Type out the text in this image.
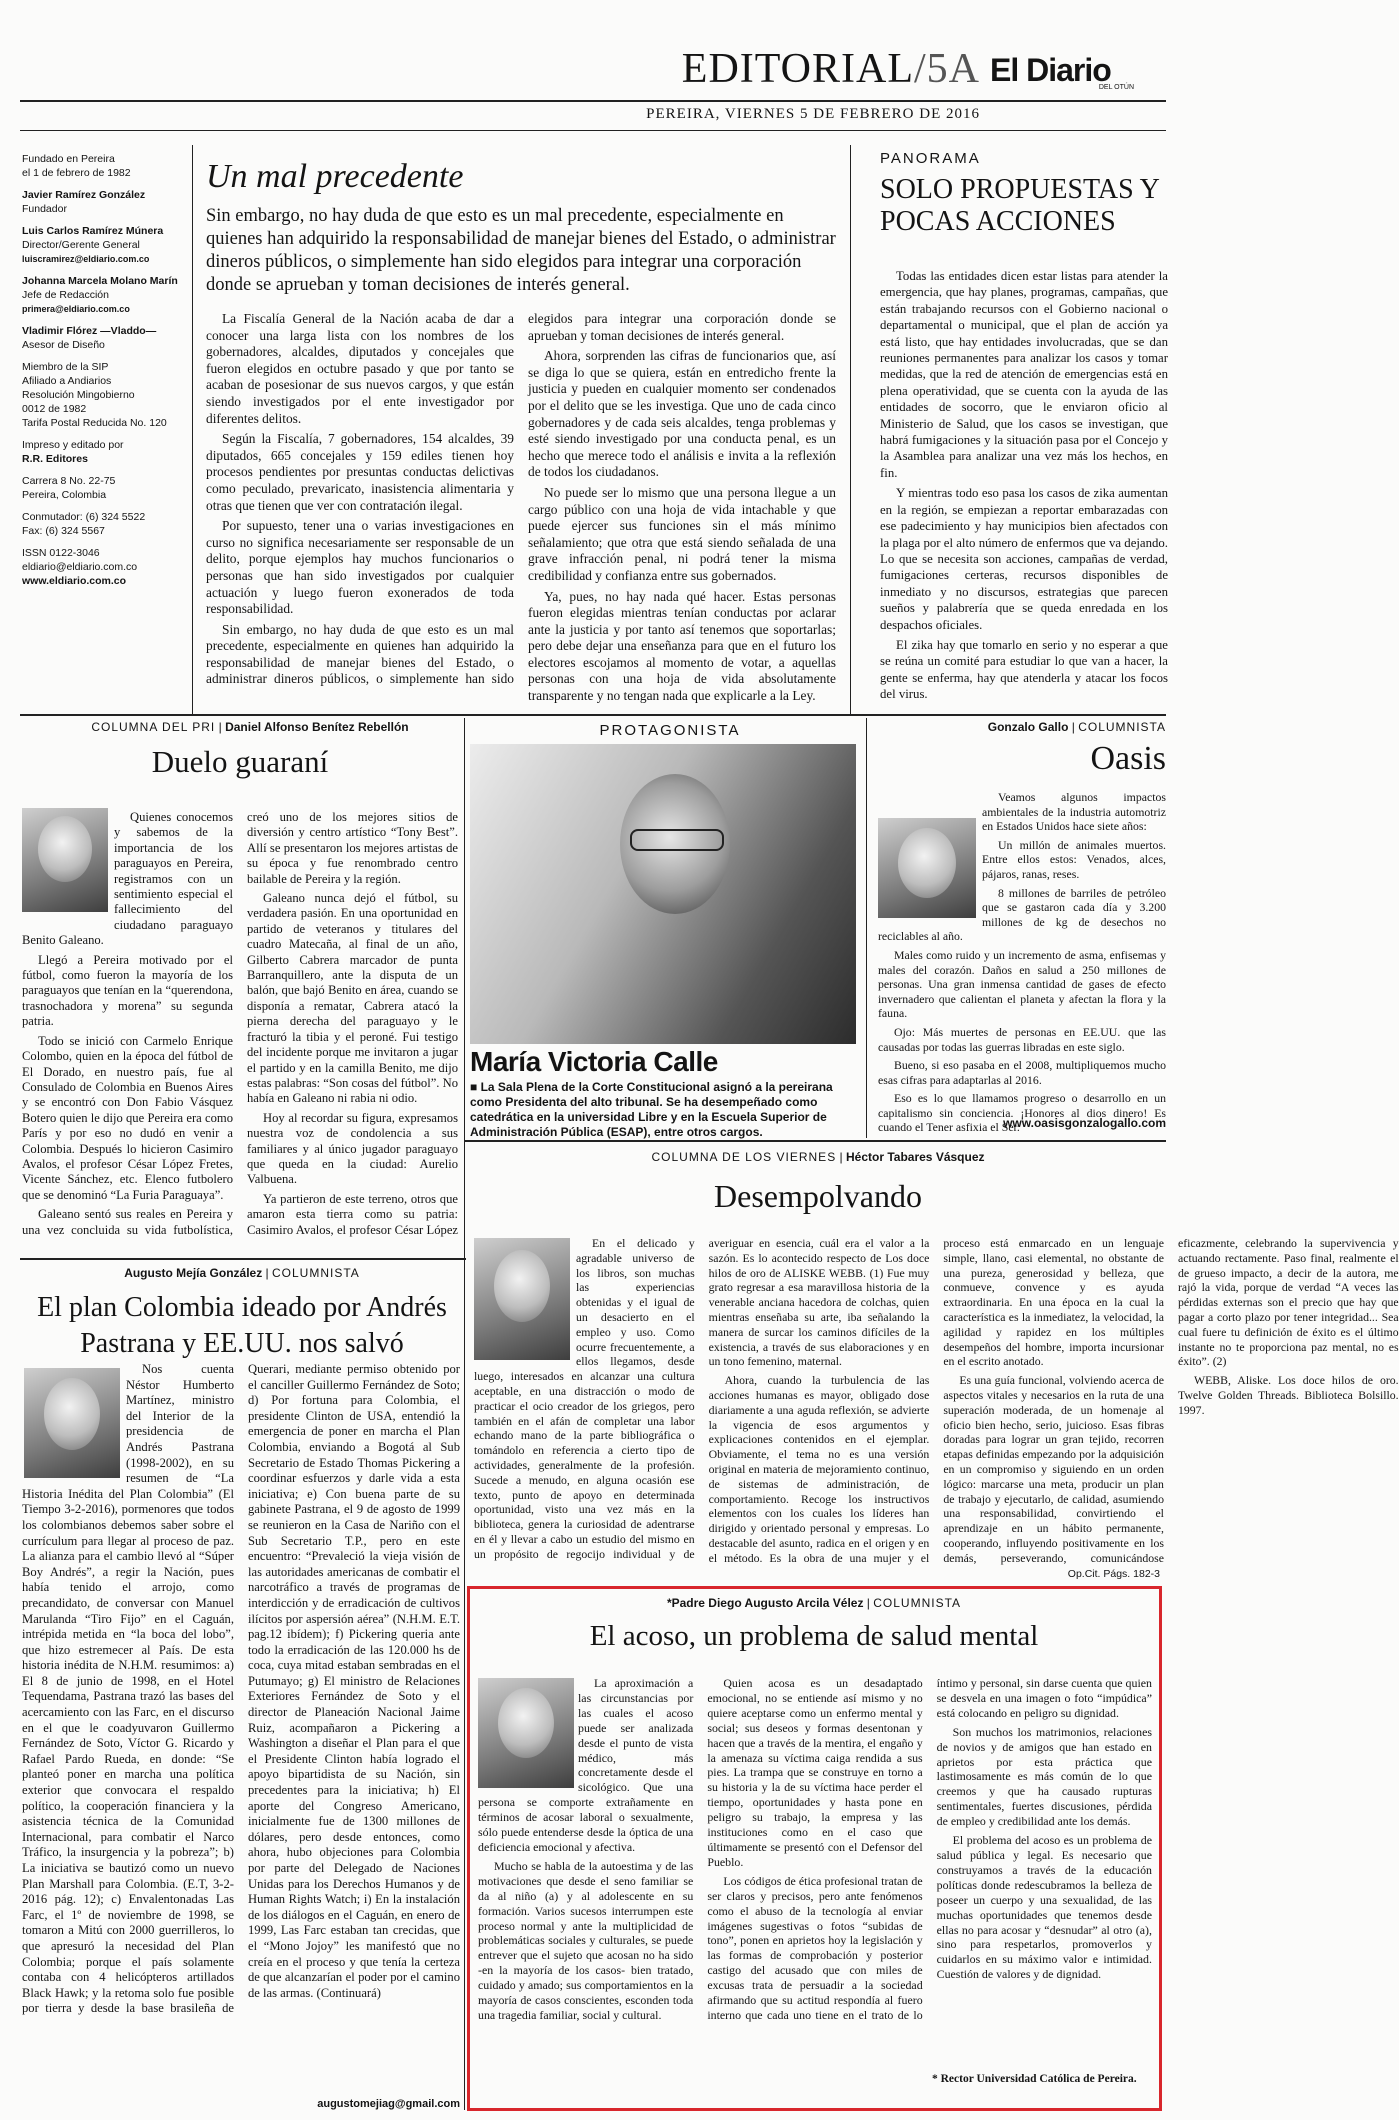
EDITORIAL/5A El Diario
DEL OTÚN
PEREIRA, VIERNES 5 DE FEBRERO DE 2016
Fundado en Pereira
el 1 de febrero de 1982
Javier Ramírez González
Fundador
Luis Carlos Ramírez Múnera
Director/Gerente General
luiscramirez@eldiario.com.co
Johanna Marcela Molano Marín
Jefe de Redacción
primera@eldiario.com.co
Vladimir Flórez —Vladdo—
Asesor de Diseño
Miembro de la SIP
Afiliado a Andiarios
Resolución Mingobierno
0012 de 1982
Tarifa Postal Reducida No. 120
Impreso y editado por
R.R. Editores
Carrera 8 No. 22-75
Pereira, Colombia
Conmutador: (6) 324 5522
Fax: (6) 324 5567
ISSN 0122-3046
eldiario@eldiario.com.co
www.eldiario.com.co
Un mal precedente
Sin embargo, no hay duda de que esto es un mal precedente, especialmente en quienes han adquirido la responsabilidad de manejar bienes del Estado, o administrar dineros públicos, o simplemente han sido elegidos para integrar una corporación donde se aprueban y toman decisiones de interés general.

La Fiscalía General de la Nación acaba de dar a conocer una larga lista con los nombres de los gobernadores, alcaldes, diputados y concejales que fueron elegidos en octubre pasado y que por tanto se acaban de posesionar de sus nuevos cargos, y que están siendo investigados por el ente investigador por diferentes delitos.

Según la Fiscalía, 7 gobernadores, 154 alcaldes, 39 diputados, 665 concejales y 159 ediles tienen hoy procesos pendientes por presuntas conductas delictivas como peculado, prevaricato, inasistencia alimentaria y otras que tienen que ver con contratación ilegal.

Por supuesto, tener una o varias investigaciones en curso no significa necesariamente ser responsable de un delito, porque ejemplos hay muchos funcionarios o personas que han sido investigados por cualquier actuación y luego fueron exonerados de toda responsabilidad.

Sin embargo, no hay duda de que esto es un mal precedente, especialmente en quienes han adquirido la responsabilidad de manejar bienes del Estado, o administrar dineros públicos, o simplemente han sido elegidos para integrar una corporación donde se aprueban y toman decisiones de interés general.

Ahora, sorprenden las cifras de funcionarios que, así se diga lo que se quiera, están en entredicho frente la justicia y pueden en cualquier momento ser condenados por el delito que se les investiga. Que uno de cada cinco gobernadores y de cada seis alcaldes, tenga problemas y esté siendo investigado por una conducta penal, es un hecho que merece todo el análisis e invita a la reflexión de todos los ciudadanos.

No puede ser lo mismo que una persona llegue a un cargo público con una hoja de vida intachable y que puede ejercer sus funciones sin el más mínimo señalamiento; que otra que está siendo señalada de una grave infracción penal, ni podrá tener la misma credibilidad y confianza entre sus gobernados.

Ya, pues, no hay nada qué hacer. Estas personas fueron elegidas mientras tenían conductas por aclarar ante la justicia y por tanto así tenemos que soportarlas; pero debe dejar una enseñanza para que en el futuro los electores escojamos al momento de votar, a aquellas personas con una hoja de vida absolutamente transparente y no tengan nada que explicarle a la Ley.

PANORAMA
SOLO PROPUESTAS Y POCAS ACCIONES

Todas las entidades dicen estar listas para atender la emergencia, que hay planes, programas, campañas, que están trabajando recursos con el Gobierno nacional o departamental o municipal, que el plan de acción ya está listo, que hay entidades involucradas, que se dan reuniones permanentes para analizar los casos y tomar medidas, que la red de atención de emergencias está en plena operatividad, que se cuenta con la ayuda de las entidades de socorro, que le enviaron oficio al Ministerio de Salud, que los casos se investigan, que habrá fumigaciones y la situación pasa por el Concejo y la Asamblea para analizar una vez más los hechos, en fin.

Y mientras todo eso pasa los casos de zika aumentan en la región, se empiezan a reportar embarazadas con ese padecimiento y hay municipios bien afectados con la plaga por el alto número de enfermos que va dejando. Lo que se necesita son acciones, campañas de verdad, fumigaciones certeras, recursos disponibles de inmediato y no discursos, estrategias que parecen sueños y palabrería que se queda enredada en los despachos oficiales.

El zika hay que tomarlo en serio y no esperar a que se reúna un comité para estudiar lo que van a hacer, la gente se enferma, hay que atenderla y atacar los focos del virus.

COLUMNA DEL PRI | Daniel Alfonso Benítez Rebellón
Duelo guaraní

Quienes conocemos y sabemos de la importancia de los paraguayos en Pereira, registramos con un sentimiento especial el fallecimiento del ciudadano paraguayo Benito Galeano.

Llegó a Pereira motivado por el fútbol, como fueron la mayoría de los paraguayos que tenían en la “querendona, trasnochadora y morena” su segunda patria.

Todo se inició con Carmelo Enrique Colombo, quien en la época del fútbol de El Dorado, en nuestro país, fue al Consulado de Colombia en Buenos Aires y se encontró con Don Fabio Vásquez Botero quien le dijo que Pereira era como París y por eso no dudó en venir a Colombia. Después lo hicieron Casimiro Avalos, el profesor César López Fretes, Vicente Sánchez, etc. Elenco futbolero que se denominó “La Furia Paraguaya”.

Galeano sentó sus reales en Pereira y una vez concluida su vida futbolística, creó uno de los mejores sitios de diversión y centro artístico “Tony Best”. Allí se presentaron los mejores artistas de su época y fue renombrado centro bailable de Pereira y la región.

Galeano nunca dejó el fútbol, su verdadera pasión. En una oportunidad en partido de veteranos y titulares del cuadro Matecaña, al final de un año, Gilberto Cabrera marcador de punta Barranquillero, ante la disputa de un balón, que bajó Benito en área, cuando se disponía a rematar, Cabrera atacó la pierna derecha del paraguayo y le fracturó la tibia y el peroné. Fui testigo del incidente porque me invitaron a jugar el partido y en la camilla Benito, me dijo estas palabras: “Son cosas del fútbol”. No había en Galeano ni rabia ni odio.

Hoy al recordar su figura, expresamos nuestra voz de condolencia a sus familiares y al único jugador paraguayo que queda en la ciudad: Aurelio Valbuena.

Ya partieron de este terreno, otros que amaron esta tierra como su patria: Casimiro Avalos, el profesor César López

PROTAGONISTA
María Victoria Calle
■ La Sala Plena de la Corte Constitucional asignó a la pereirana como Presidenta del alto tribunal. Se ha desempeñado como catedrática en la universidad Libre y en la Escuela Superior de Administración Pública (ESAP), entre otros cargos.
Gonzalo Gallo | COLUMNISTA
Oasis

Veamos algunos impactos ambientales de la industria automotriz en Estados Unidos hace siete años:

Un millón de animales muertos. Entre ellos estos: Venados, alces, pájaros, ranas, reses.

8 millones de barriles de petróleo que se gastaron cada día y 3.200 millones de kg de desechos no reciclables al año.

Males como ruido y un incremento de asma, enfisemas y males del corazón. Daños en salud a 250 millones de personas. Una gran inmensa cantidad de gases de efecto invernadero que calientan el planeta y afectan la flora y la fauna.

Ojo: Más muertes de personas en EE.UU. que las causadas por todas las guerras libradas en este siglo.

Bueno, si eso pasaba en el 2008, multipliquemos mucho esas cifras para adaptarlas al 2016.

Eso es lo que llamamos progreso o desarrollo en un capitalismo sin conciencia. ¡Honores al dios dinero! Es cuando el Tener asfixia el Ser.

www.oasisgonzalogallo.com
Augusto Mejía González | COLUMNISTA
El plan Colombia ideado por Andrés Pastrana y EE.UU. nos salvó

Nos cuenta Néstor Humberto Martínez, ministro del Interior de la presidencia de Andrés Pastrana (1998-2002), en su resumen de “La Historia Inédita del Plan Colombia” (El Tiempo 3-2-2016), pormenores que todos los colombianos debemos saber sobre el currículum para llegar al proceso de paz. La alianza para el cambio llevó al “Súper Boy Andrés”, a regir la Nación, pues había tenido el arrojo, como precandidato, de conversar con Manuel Marulanda “Tiro Fijo” en el Caguán, intrépida metida en “la boca del lobo”, que hizo estremecer al País. De esta historia inédita de N.H.M. resumimos: a) El 8 de junio de 1998, en el Hotel Tequendama, Pastrana trazó las bases del acercamiento con las Farc, en el discurso en el que le coadyuvaron Guillermo Fernández de Soto, Víctor G. Ricardo y Rafael Pardo Rueda, en donde: “Se planteó poner en marcha una política exterior que convocara el respaldo político, la cooperación financiera y la asistencia técnica de la Comunidad Internacional, para combatir el Narco Tráfico, la insurgencia y la pobreza”; b) La iniciativa se bautizó como un nuevo Plan Marshall para Colombia. (E.T, 3-2-2016 pág. 12); c) Envalentonadas Las Farc, el 1º de noviembre de 1998, se tomaron a Mitú con 2000 guerrilleros, lo que apresuró la necesidad del Plan Colombia; porque el país solamente contaba con 4 helicópteros artillados Black Hawk; y la retoma solo fue posible por tierra y desde la base brasileña de Querari, mediante permiso obtenido por el canciller Guillermo Fernández de Soto; d) Por fortuna para Colombia, el presidente Clinton de USA, entendió la emergencia de poner en marcha el Plan Colombia, enviando a Bogotá al Sub Secretario de Estado Thomas Pickering a coordinar esfuerzos y darle vida a esta iniciativa; e) Con buena parte de su gabinete Pastrana, el 9 de agosto de 1999 se reunieron en la Casa de Nariño con el Sub Secretario T.P., pero en este encuentro: “Prevaleció la vieja visión de las autoridades americanas de combatir el narcotráfico a través de programas de interdicción y de erradicación de cultivos ilícitos por aspersión aérea” (N.H.M. E.T. pag.12 ibídem); f) Pickering queria ante todo la erradicación de las 120.000 hs de coca, cuya mitad estaban sembradas en el Putumayo; g) El ministro de Relaciones Exteriores Fernández de Soto y el director de Planeación Nacional Jaime Ruiz, acompañaron a Pickering a Washington a diseñar el Plan para el que el Presidente Clinton había logrado el apoyo bipartidista de su Nación, sin precedentes para la iniciativa; h) El aporte del Congreso Americano, inicialmente fue de 1300 millones de dólares, pero desde entonces, como ahora, hubo objeciones para Colombia por parte del Delegado de Naciones Unidas para los Derechos Humanos y de Human Rights Watch; i) En la instalación de los diálogos en el Caguán, en enero de 1999, Las Farc estaban tan crecidas, que el “Mono Jojoy” les manifestó que no creía en el proceso y que tenía la certeza de que alcanzarían el poder por el camino de las armas. (Continuará)

augustomejiag@gmail.com
COLUMNA DE LOS VIERNES | Héctor Tabares Vásquez
Desempolvando

En el delicado y agradable universo de los libros, son muchas las experiencias obtenidas y el igual de un desacierto en el empleo y uso. Como ocurre frecuentemente, a ellos llegamos, desde luego, interesados en alcanzar una cultura aceptable, en una distracción o modo de practicar el ocio creador de los griegos, pero también en el afán de completar una labor echando mano de la parte bibliográfica o tomándolo en referencia a cierto tipo de actividades, generalmente de la profesión. Sucede a menudo, en alguna ocasión ese texto, punto de apoyo en determinada oportunidad, visto una vez más en la biblioteca, genera la curiosidad de adentrarse en él y llevar a cabo un estudio del mismo en un propósito de regocijo individual y de averiguar en esencia, cuál era el valor a la sazón. Es lo acontecido respecto de Los doce hilos de oro de ALISKE WEBB. (1) Fue muy grato regresar a esa maravillosa historia de la venerable anciana hacedora de colchas, quien mientras enseñaba su arte, iba señalando la manera de surcar los caminos difíciles de la existencia, a través de sus elaboraciones y en un tono femenino, maternal.

Ahora, cuando la turbulencia de las acciones humanas es mayor, obligado dose diariamente a una aguda reflexión, se advierte la vigencia de esos argumentos y explicaciones contenidos en el ejemplar. Obviamente, el tema no es una versión original en materia de mejoramiento continuo, de sistemas de administración, de comportamiento. Recoge los instructivos elementos con los cuales los líderes han dirigido y orientado personal y empresas. Lo destacable del asunto, radica en el origen y en el método. Es la obra de una mujer y el proceso está enmarcado en un lenguaje simple, llano, casi elemental, no obstante de una pureza, generosidad y belleza, que conmueve, convence y es ayuda extraordinaria. En una época en la cual la característica es la inmediatez, la velocidad, la agilidad y rapidez en los múltiples desempeños del hombre, importa incursionar en el escrito anotado.

Es una guía funcional, volviendo acerca de aspectos vitales y necesarios en la ruta de una superación moderada, de un homenaje al oficio bien hecho, serio, juicioso. Esas fibras doradas para lograr un gran tejido, recorren etapas definidas empezando por la adquisición en un compromiso y siguiendo en un orden lógico: marcarse una meta, producir un plan de trabajo y ejecutarlo, de calidad, asumiendo una responsabilidad, convirtiendo el aprendizaje en un hábito permanente, cooperando, influyendo positivamente en los demás, perseverando, comunicándose eficazmente, celebrando la supervivencia y actuando rectamente. Paso final, realmente el de grueso impacto, a decir de la autora, me rajó la vida, porque de verdad “A veces las pérdidas externas son el precio que hay que pagar a corto plazo por tener integridad... Sea cual fuere tu definición de éxito es el último instante no te proporciona paz mental, no es éxito”. (2)

WEBB, Aliske. Los doce hilos de oro. Twelve Golden Threads. Biblioteca Bolsillo. 1997.

Op.Cit. Págs. 182-3
*Padre Diego Augusto Arcila Vélez | COLUMNISTA
El acoso, un problema de salud mental

La aproximación a las circunstancias por las cuales el acoso puede ser analizada desde el punto de vista médico, más concretamente desde el sicológico. Que una persona se comporte extrañamente en términos de acosar laboral o sexualmente, sólo puede entenderse desde la óptica de una deficiencia emocional y afectiva.

Mucho se habla de la autoestima y de las motivaciones que desde el seno familiar se da al niño (a) y al adolescente en su formación. Varios sucesos interrumpen este proceso normal y ante la multiplicidad de problemáticas sociales y culturales, se puede entrever que el sujeto que acosan no ha sido -en la mayoría de los casos- bien tratado, cuidado y amado; sus comportamientos en la mayoría de casos conscientes, esconden toda una tragedia familiar, social y cultural.

Quien acosa es un desadaptado emocional, no se entiende así mismo y no quiere aceptarse como un enfermo mental y social; sus deseos y formas desentonan y hacen que a través de la mentira, el engaño y la amenaza su víctima caiga rendida a sus pies. La trampa que se construye en torno a su historia y la de su víctima hace perder el tiempo, oportunidades y hasta pone en peligro su trabajo, la empresa y las instituciones como en el caso que últimamente se presentó con el Defensor del Pueblo.

Los códigos de ética profesional tratan de ser claros y precisos, pero ante fenómenos como el abuso de la tecnología al enviar imágenes sugestivas o fotos “subidas de tono”, ponen en aprietos hoy la legislación y las formas de comprobación y posterior castigo del acusado que con miles de excusas trata de persuadir a la sociedad afirmando que su actitud respondía al fuero interno que cada uno tiene en el trato de lo íntimo y personal, sin darse cuenta que quien se desvela en una imagen o foto “impúdica” está colocando en peligro su dignidad.

Son muchos los matrimonios, relaciones de novios y de amigos que han estado en aprietos por esta práctica que lastimosamente es más común de lo que creemos y que ha causado rupturas sentimentales, fuertes discusiones, pérdida de empleo y credibilidad ante los demás.

El problema del acoso es un problema de salud pública y legal. Es necesario que construyamos a través de la educación políticas donde redescubramos la belleza de poseer un cuerpo y una sexualidad, de las muchas oportunidades que tenemos desde ellas no para acosar y “desnudar” al otro (a), sino para respetarlos, promoverlos y cuidarlos en su máximo valor e intimidad. Cuestión de valores y de dignidad.

* Rector Universidad Católica de Pereira.
